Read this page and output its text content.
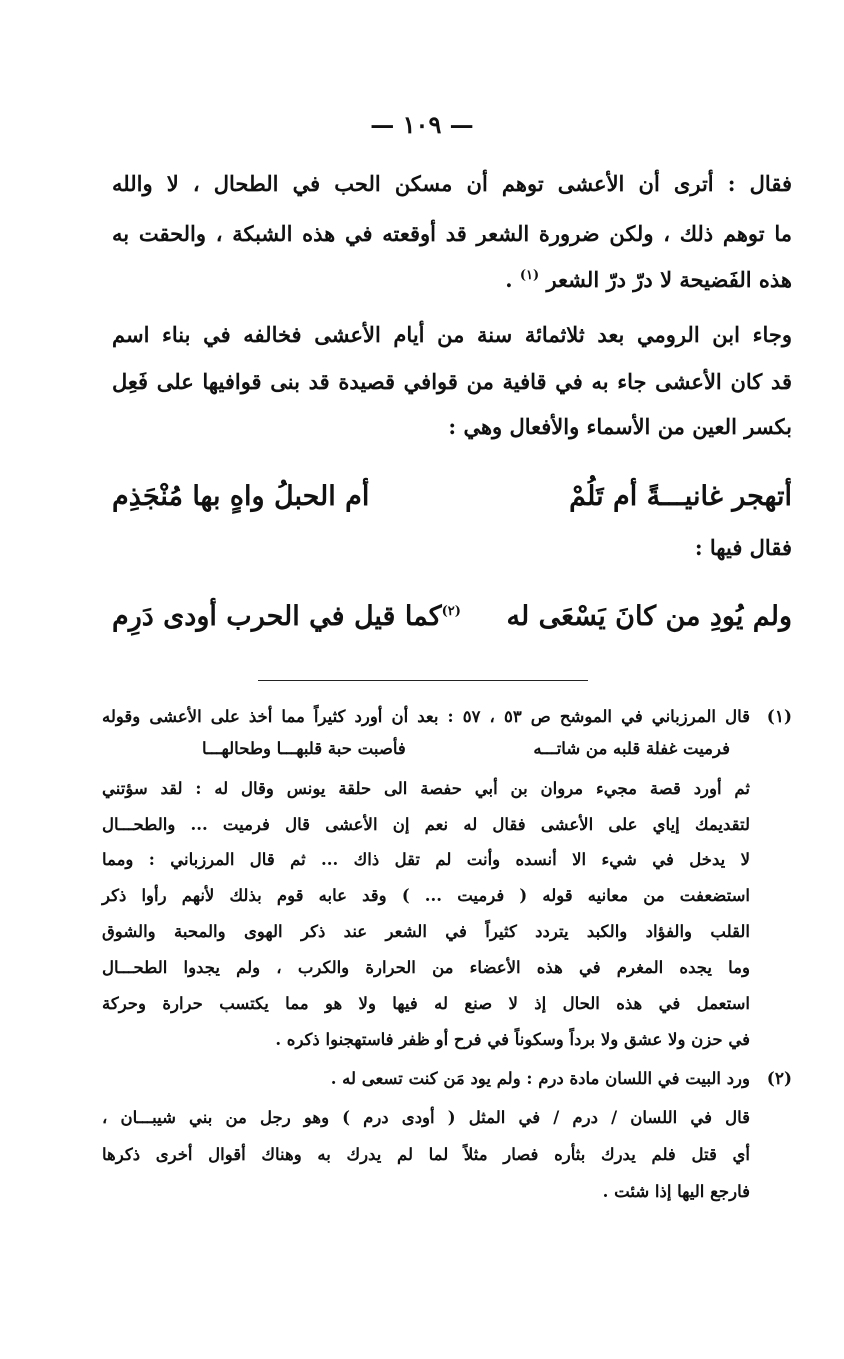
— ١٠٩ —
فقال : أترى أن الأعشى توهم أن مسكن الحب في الطحال ، لا والله
ما توهم ذلك ، ولكن ضرورة الشعر قد أوقعته في هذه الشبكة ، والحقت به
هذه الفَضيحة لا درّ درّ الشعر $^{(١)}$ .
وجاء ابن الرومي بعد ثلاثمائة سنة من أيام الأعشى فخالفه في بناء اسم
قد كان الأعشى جاء به في قافية من قوافي قصيدة قد بنى قوافيها على فَعِل
بكسر العين من الأسماء والأفعال وهي :
أتهجر غانيـــةً أم تَلُمْ
أم الحبلُ واهٍ بها مُنْجَذِم
فقال فيها :
ولم يُودِ من كانَ يَسْعَى له
$^{(٢)}$كما قيل في الحرب أودى دَرِم
(١)
قال المرزباني في الموشح ص ٥٣ ، ٥٧ : بعد أن أورد كثيراً مما أخذ على الأعشى وقوله
فرميت غفلة قلبه من شاتـــه
فأصبت حبة قلبهـــا وطحالهـــا
ثم أورد قصة مجيء مروان بن أبي حفصة الى حلقة يونس وقال له : لقد سؤتني
لتقديمك إياي على الأعشى فقال له نعم إن الأعشى قال فرميت ... والطحـــال
لا يدخل في شيء الا أنسده وأنت لم تقل ذاك ... ثم قال المرزباني : ومما
استضعفت من معانيه قوله ( فرميت ... ) وقد عابه قوم بذلك لأنهم رأوا ذكر
القلب والفؤاد والكبد يتردد كثيراً في الشعر عند ذكر الهوى والمحبة والشوق
وما يجده المغرم في هذه الأعضاء من الحرارة والكرب ، ولم يجدوا الطحـــال
استعمل في هذه الحال إذ لا صنع له فيها ولا هو مما يكتسب حرارة وحركة
في حزن ولا عشق ولا برداً وسكوناً في فرح أو ظفر فاستهجنوا ذكره .
(٢)
ورد البيت في اللسان مادة درم : ولم يود مَن كنت تسعى له .
قال في اللسان / درم / في المثل ( أودى درم ) وهو رجل من بني شيبـــان ،
أي قتل فلم يدرك بثأره فصار مثلاً لما لم يدرك به وهناك أقوال أخرى ذكرها
فارجع اليها إذا شئت .
